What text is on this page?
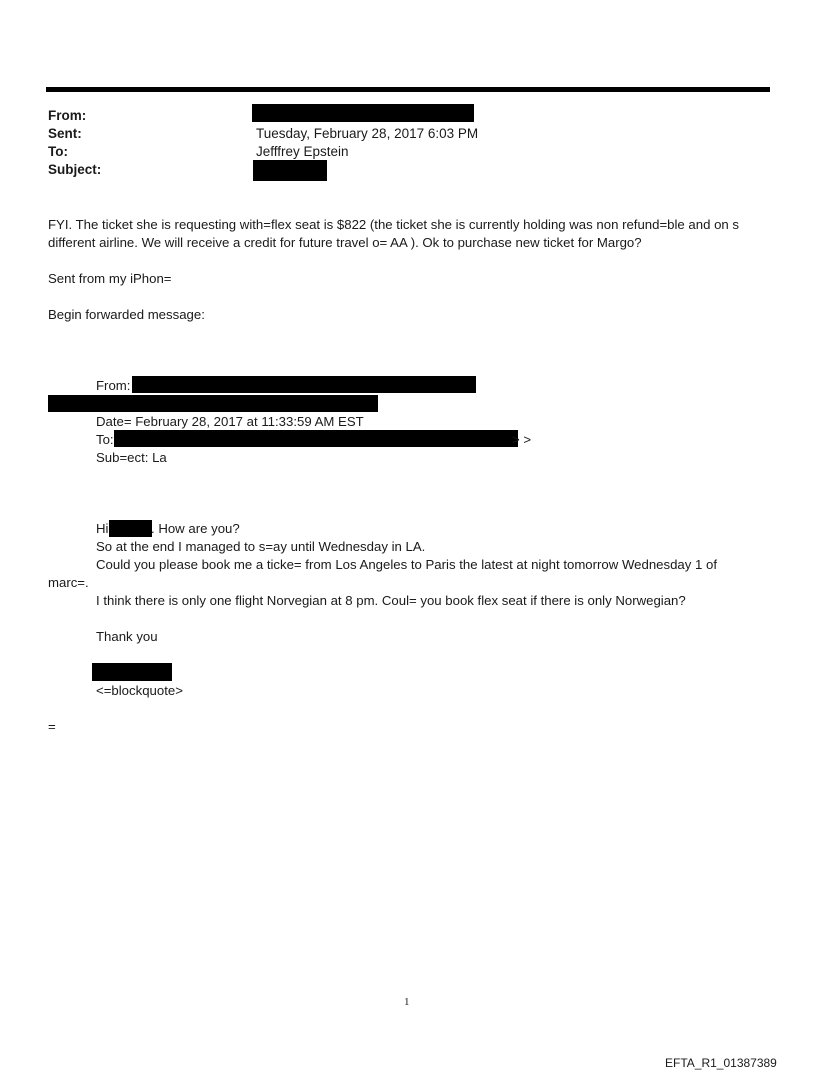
From:
Sent:	Tuesday, February 28, 2017 6:03 PM
To:	Jefffrey Epstein
Subject:
FYI. The ticket she is requesting with=flex seat is $822 (the ticket she is currently holding was non refund=ble and on s
different airline. We will receive a credit for future travel o= AA ). Ok to purchase new ticket for Margo?
Sent from my iPhon=
Begin forwarded message:
From:
Date= February 28, 2017 at 11:33:59 AM EST
To:	> >
Sub=ect: La
Hi	. How are you?
So at the end I managed to s=ay until Wednesday in LA.
Could you please book me a ticke= from Los Angeles to Paris the latest at night tomorrow Wednesday 1 of
marc=.
I think there is only one flight Norvegian at 8 pm. Coul= you book flex seat if there is only Norwegian?
Thank you
<=blockquote>
=
1
EFTA_R1_01387389
